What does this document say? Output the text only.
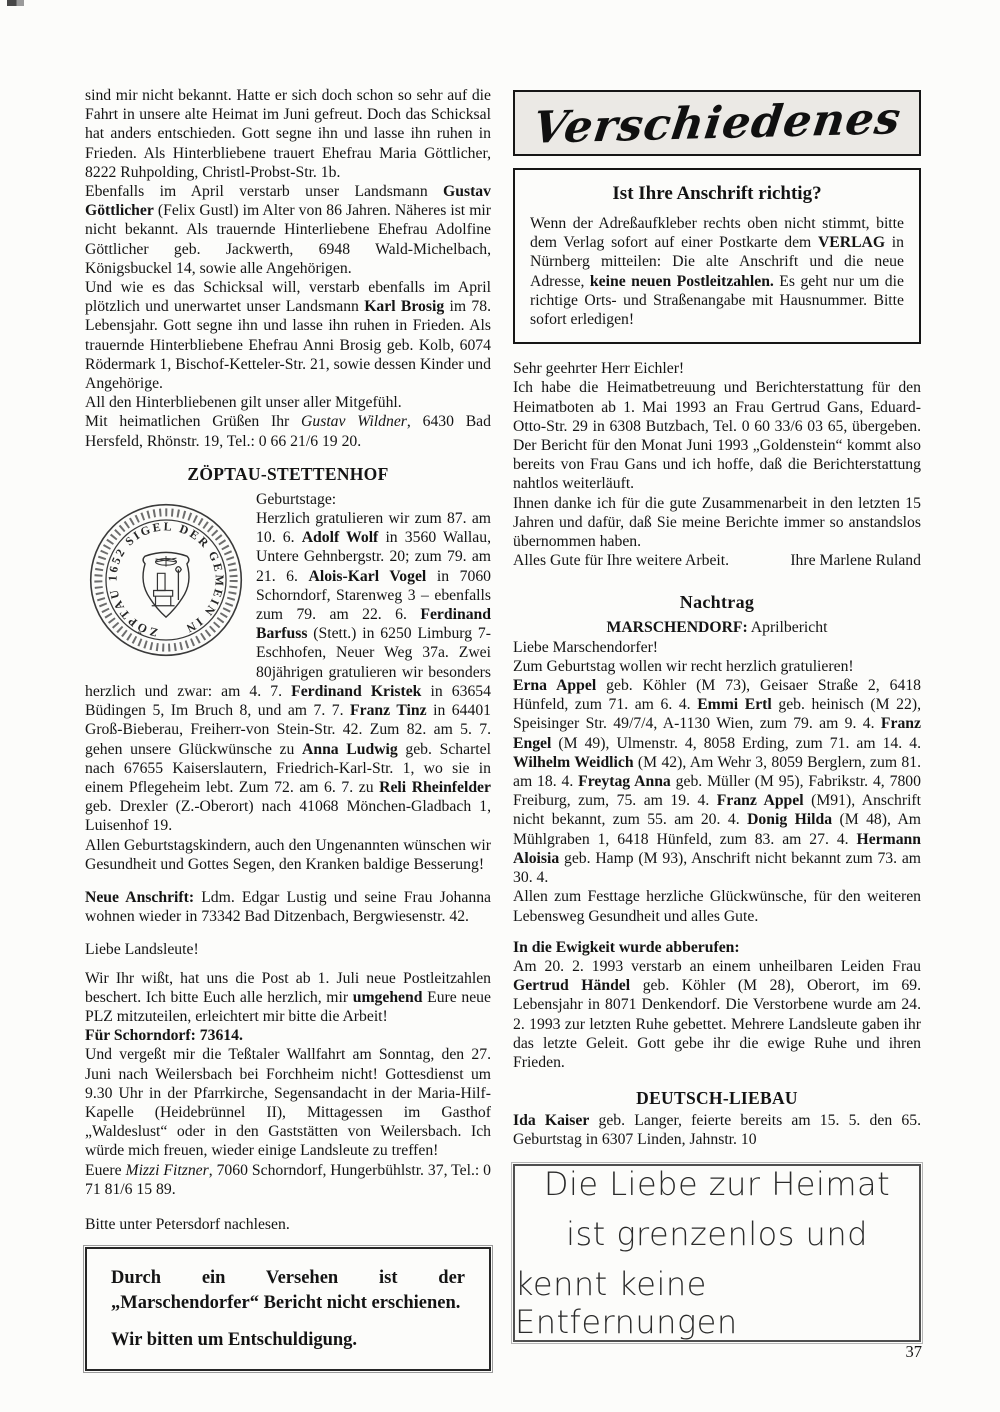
sind mir nicht bekannt. Hatte er sich doch schon so sehr auf die Fahrt in unsere alte Heimat im Juni gefreut. Doch das Schicksal hat anders entschieden. Gott segne ihn und lasse ihn ruhen in Frieden. Als Hinterbliebene trauert Ehefrau Maria Göttlicher, 8222 Ruhpolding, Christl-Probst-Str. 1b.

Ebenfalls im April verstarb unser Landsmann Gustav Göttlicher (Felix Gustl) im Alter von 86 Jahren. Näheres ist mir nicht bekannt. Als trauernde Hinterliebene Ehefrau Adolfine Göttlicher geb. Jackwerth, 6948 Wald-Michelbach, Königsbuckel 14, sowie alle Angehörigen.

Und wie es das Schicksal will, verstarb ebenfalls im April plötzlich und unerwartet unser Landsmann Karl Brosig im 78. Lebensjahr. Gott segne ihn und lasse ihn ruhen in Frieden. Als trauernde Hinterbliebene Ehefrau Anni Brosig geb. Kolb, 6074 Rödermark 1, Bischof-Ketteler-Str. 21, sowie dessen Kinder und Angehörige.

All den Hinterbliebenen gilt unser aller Mitgefühl.

Mit heimatlichen Grüßen Ihr Gustav Wildner, 6430 Bad Hersfeld, Rhönstr. 19, Tel.: 0 66 21/6 19 20.

ZÖPTAU-STETTENHOF
ZÖPTAU 1652 SIGEL DER GEMEIN IN

Geburtstage:

Herzlich gratulieren wir zum 87. am 10. 6. Adolf Wolf in 3560 Wallau, Untere Gehnbergstr. 20; zum 79. am 21. 6. Alois-Karl Vogel in 7060 Schorndorf, Starenweg 3 – ebenfalls zum 79. am 22. 6. Ferdinand Barfuss (Stett.) in 6250 Limburg 7-Eschhofen, Neuer Weg 37a. Zwei 80jährigen gratulieren wir besonders herzlich und zwar: am 4. 7. Ferdinand Kristek in 63654 Büdingen 5, Im Bruch 8, und am 7. 7. Franz Tinz in 64401 Groß-Bieberau, Freiherr-von Stein-Str. 42. Zum 82. am 5. 7. gehen unsere Glückwünsche zu Anna Ludwig geb. Schartel nach 67655 Kaiserslautern, Friedrich-Karl-Str. 1, wo sie in einem Pflegeheim lebt. Zum 72. am 6. 7. zu Reli Rheinfelder geb. Drexler (Z.-Oberort) nach 41068 Mönchen-Gladbach 1, Luisenhof 19.

Allen Geburtstagskindern, auch den Ungenannten wünschen wir Gesundheit und Gottes Segen, den Kranken baldige Besserung!

Neue Anschrift: Ldm. Edgar Lustig und seine Frau Johanna wohnen wieder in 73342 Bad Ditzenbach, Bergwiesenstr. 42.

Liebe Landsleute!

Wir Ihr wißt, hat uns die Post ab 1. Juli neue Postleitzahlen beschert. Ich bitte Euch alle herzlich, mir umgehend Eure neue PLZ mitzuteilen, erleichtert mir bitte die Arbeit!

Für Schorndorf: 73614.

Und vergeßt mir die Teßtaler Wallfahrt am Sonntag, den 27. Juni nach Weilersbach bei Forchheim nicht! Gottesdienst um 9.30 Uhr in der Pfarrkirche, Segensandacht in der Maria-Hilf-Kapelle (Heidebrünnel II), Mittagessen im Gasthof „Waldeslust“ oder in den Gaststätten von Weilersbach. Ich würde mich freuen, wieder einige Landsleute zu treffen!

Euere Mizzi Fitzner, 7060 Schorndorf, Hungerbühlstr. 37, Tel.: 0 71 81/6 15 89.

Bitte unter Petersdorf nachlesen.

Durch ein Versehen ist der „Marschendorfer“ Bericht nicht erschienen.

Wir bitten um Entschuldigung.

Verschiedenes
Ist Ihre Anschrift richtig?

Wenn der Adreßaufkleber rechts oben nicht stimmt, bitte dem Verlag sofort auf einer Postkarte dem VERLAG in Nürnberg mitteilen: Die alte Anschrift und die neue Adresse, keine neuen Postleitzahlen. Es geht nur um die richtige Orts- und Straßenangabe mit Hausnummer. Bitte sofort erledigen!

Sehr geehrter Herr Eichler!

Ich habe die Heimatbetreuung und Berichterstattung für den Heimatboten ab 1. Mai 1993 an Frau Gertrud Gans, Eduard-Otto-Str. 29 in 6308 Butzbach, Tel. 0 60 33/6 03 65, übergeben. Der Bericht für den Monat Juni 1993 „Goldenstein“ kommt also bereits von Frau Gans und ich hoffe, daß die Berichterstattung nahtlos weiterläuft.

Ihnen danke ich für die gute Zusammenarbeit in den letzten 15 Jahren und dafür, daß Sie meine Berichte immer so anstandslos übernommen haben.

Alles Gute für Ihre weitere Arbeit.	Ihre Marlene Ruland
Nachtrag

MARSCHENDORF: Aprilbericht

Liebe Marschendorfer!

Zum Geburtstag wollen wir recht herzlich gratulieren!

Erna Appel geb. Köhler (M 73), Geisaer Straße 2, 6418 Hünfeld, zum 71. am 6. 4. Emmi Ertl geb. heinisch (M 22), Speisinger Str. 49/7/4, A-1130 Wien, zum 79. am 9. 4. Franz Engel (M 49), Ulmenstr. 4, 8058 Erding, zum 71. am 14. 4. Wilhelm Weidlich (M 42), Am Wehr 3, 8059 Berglern, zum 81. am 18. 4. Freytag Anna geb. Müller (M 95), Fabrikstr. 4, 7800 Freiburg, zum, 75. am 19. 4. Franz Appel (M91), Anschrift nicht bekannt, zum 55. am 20. 4. Donig Hilda (M 48), Am Mühlgraben 1, 6418 Hünfeld, zum 83. am 27. 4. Hermann Aloisia geb. Hamp (M 93), Anschrift nicht bekannt zum 73. am 30. 4.

Allen zum Festtage herzliche Glückwünsche, für den weiteren Lebensweg Gesundheit und alles Gute.

In die Ewigkeit wurde abberufen:

Am 20. 2. 1993 verstarb an einem unheilbaren Leiden Frau Gertrud Händel geb. Köhler (M 28), Oberort, im 69. Lebensjahr in 8071 Denkendorf. Die Verstorbene wurde am 24. 2. 1993 zur letzten Ruhe gebettet. Mehrere Landsleute gaben ihr das letzte Geleit. Gott gebe ihr die ewige Ruhe und ihren Frieden.

DEUTSCH-LIEBAU

Ida Kaiser geb. Langer, feierte bereits am 15. 5. den 65. Geburtstag in 6307 Linden, Jahnstr. 10

Die Liebe zur Heimat
ist grenzenlos und
kennt keine Entfernungen
37
